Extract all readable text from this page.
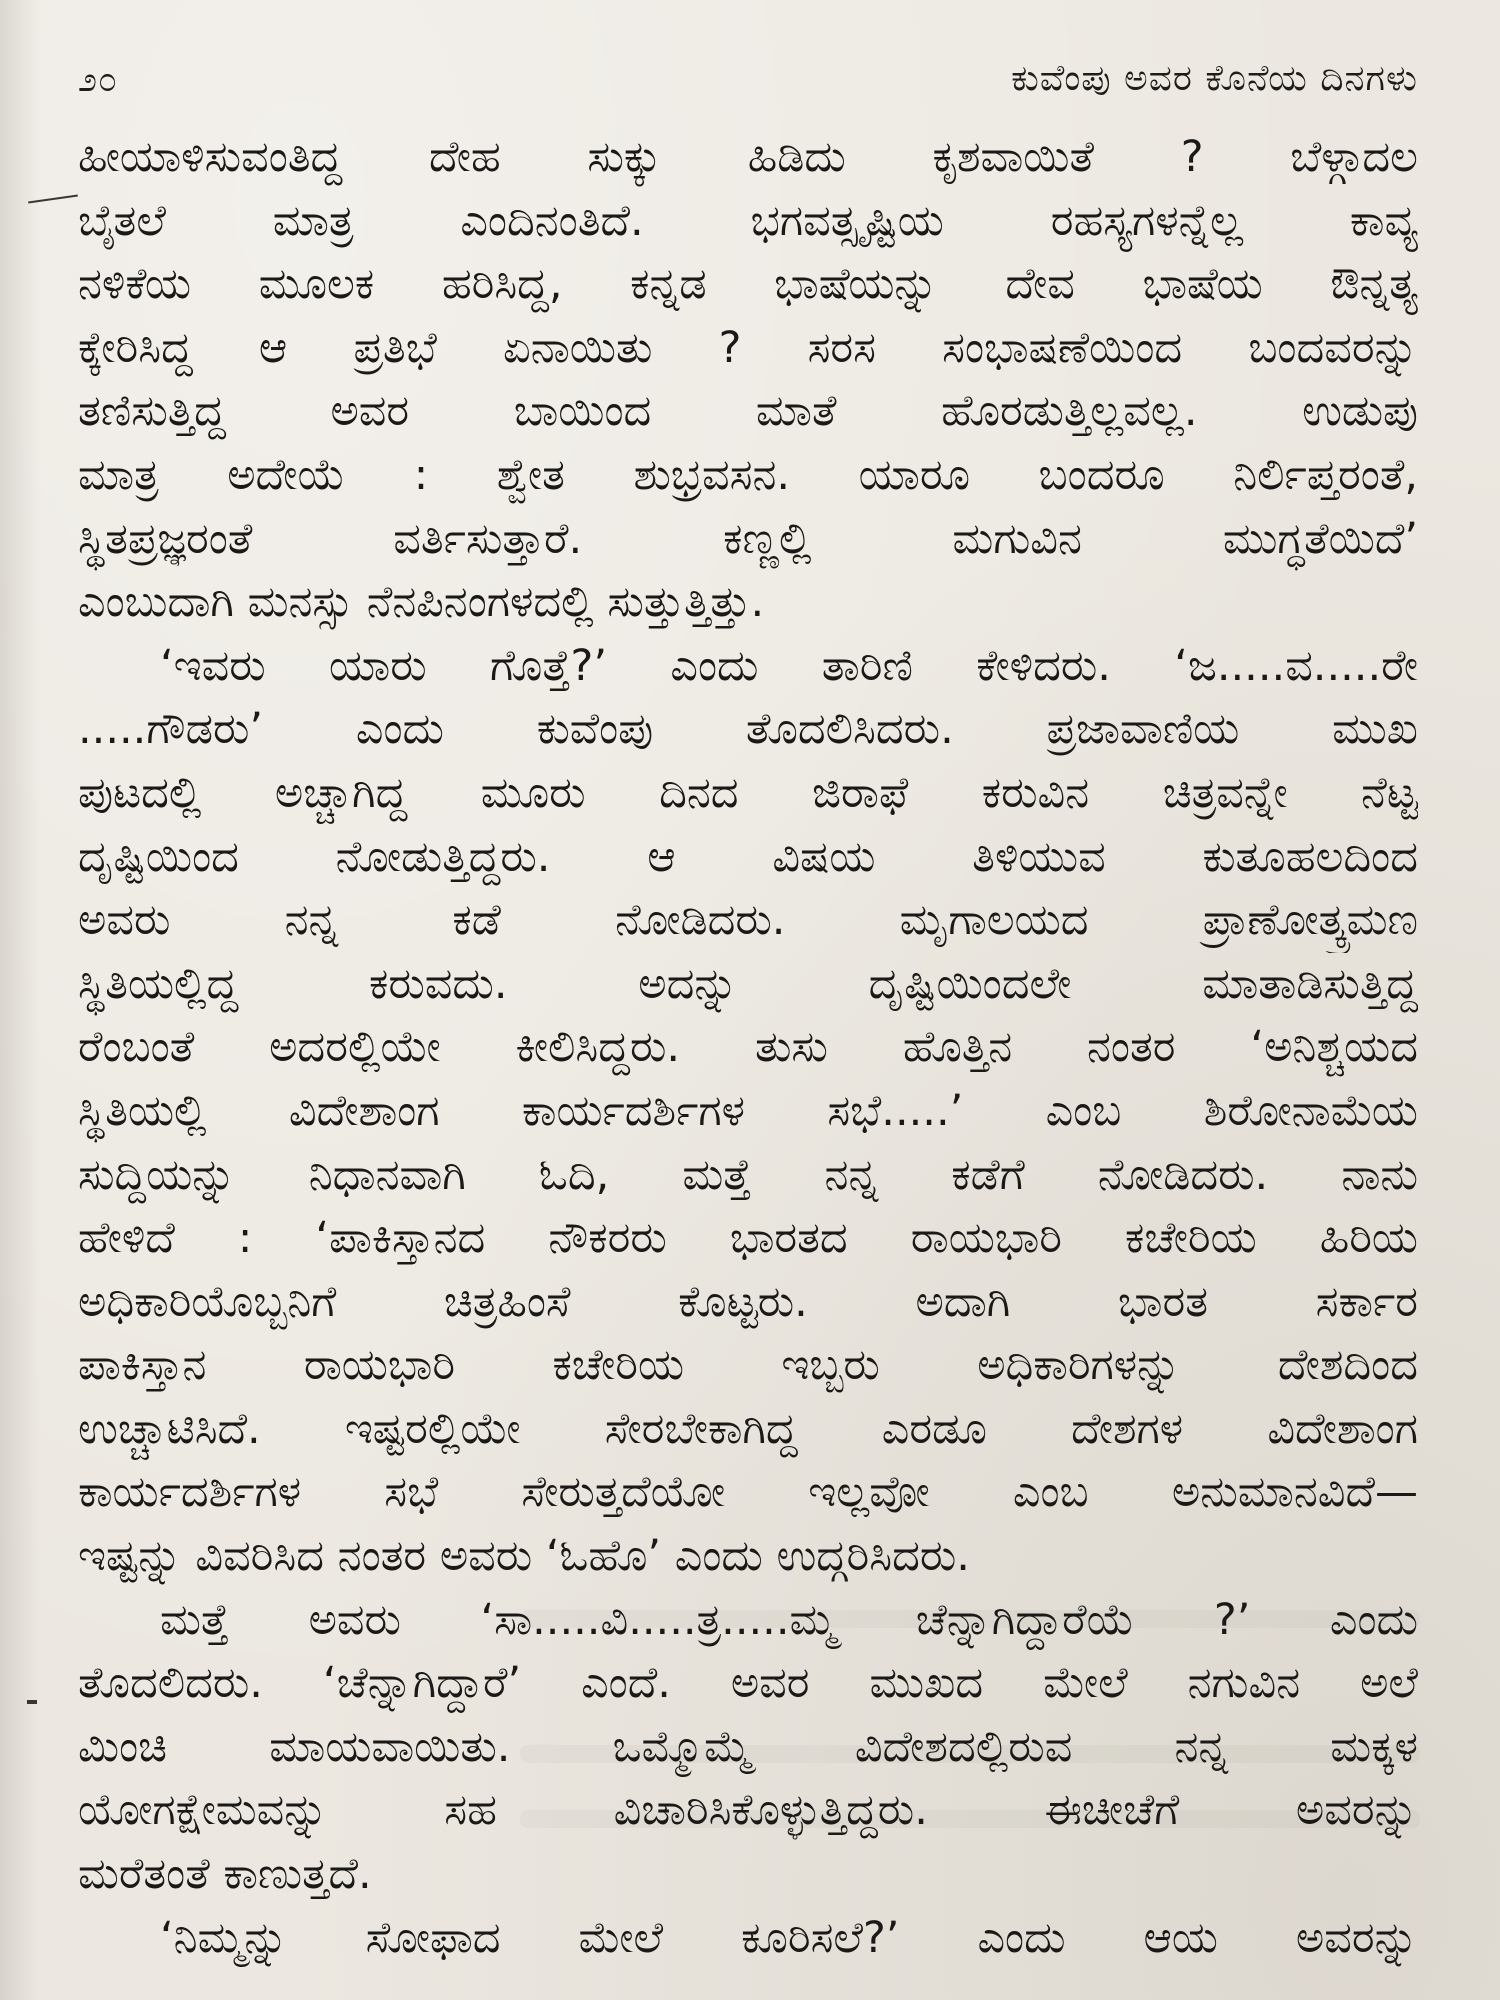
೨೦	ಕುವೆಂಪು ಅವರ ಕೊನೆಯ ದಿನಗಳು
ಹೀಯಾಳಿಸುವಂತಿದ್ದ ದೇಹ ಸುಕ್ಕು ಹಿಡಿದು ಕೃಶವಾಯಿತೆ ? ಬೆಳ್ಗಾದಲ
ಬೈತಲೆ ಮಾತ್ರ ಎಂದಿನಂತಿದೆ. ಭಗವತ್ಸೃಷ್ಟಿಯ ರಹಸ್ಯಗಳನ್ನೆಲ್ಲ ಕಾವ್ಯ
ನಳಿಕೆಯ ಮೂಲಕ ಹರಿಸಿದ್ದ, ಕನ್ನಡ ಭಾಷೆಯನ್ನು ದೇವ ಭಾಷೆಯ ಔನ್ನತ್ಯ
ಕ್ಕೇರಿಸಿದ್ದ ಆ ಪ್ರತಿಭೆ ಏನಾಯಿತು ? ಸರಸ ಸಂಭಾಷಣೆಯಿಂದ ಬಂದವರನ್ನು
ತಣಿಸುತ್ತಿದ್ದ ಅವರ ಬಾಯಿಂದ ಮಾತೆ ಹೊರಡುತ್ತಿಲ್ಲವಲ್ಲ. ಉಡುಪು
ಮಾತ್ರ ಅದೇಯೆ : ಶ್ವೇತ ಶುಭ್ರವಸನ. ಯಾರೂ ಬಂದರೂ ನಿರ್ಲಿಪ್ತರಂತೆ,
ಸ್ಥಿತಪ್ರಜ್ಞರಂತೆ ವರ್ತಿಸುತ್ತಾರೆ. ಕಣ್ಣಲ್ಲಿ ಮಗುವಿನ ಮುಗ್ಧತೆಯಿದೆ’
ಎಂಬುದಾಗಿ ಮನಸ್ಸು ನೆನಪಿನಂಗಳದಲ್ಲಿ ಸುತ್ತುತ್ತಿತ್ತು.
‘ಇವರು ಯಾರು ಗೊತ್ತೆ?’ ಎಂದು ತಾರಿಣಿ ಕೇಳಿದರು. ‘ಜ.....ವ.....ರೇ
.....ಗೌಡರು’ ಎಂದು ಕುವೆಂಪು ತೊದಲಿಸಿದರು. ಪ್ರಜಾವಾಣಿಯ ಮುಖ
ಪುಟದಲ್ಲಿ ಅಚ್ಚಾಗಿದ್ದ ಮೂರು ದಿನದ ಜಿರಾಫೆ ಕರುವಿನ ಚಿತ್ರವನ್ನೇ ನೆಟ್ಟ
ದೃಷ್ಟಿಯಿಂದ ನೋಡುತ್ತಿದ್ದರು. ಆ ವಿಷಯ ತಿಳಿಯುವ ಕುತೂಹಲದಿಂದ
ಅವರು ನನ್ನ ಕಡೆ ನೋಡಿದರು. ಮೃಗಾಲಯದ ಪ್ರಾಣೋತ್ಕ್ರಮಣ
ಸ್ಥಿತಿಯಲ್ಲಿದ್ದ ಕರುವದು. ಅದನ್ನು ದೃಷ್ಟಿಯಿಂದಲೇ ಮಾತಾಡಿಸುತ್ತಿದ್ದ
ರೆಂಬಂತೆ ಅದರಲ್ಲಿಯೇ ಕೀಲಿಸಿದ್ದರು. ತುಸು ಹೊತ್ತಿನ ನಂತರ ‘ಅನಿಶ್ಚಯದ
ಸ್ಥಿತಿಯಲ್ಲಿ ವಿದೇಶಾಂಗ ಕಾರ್ಯದರ್ಶಿಗಳ ಸಭೆ.....’ ಎಂಬ ಶಿರೋನಾಮೆಯ
ಸುದ್ದಿಯನ್ನು ನಿಧಾನವಾಗಿ ಓದಿ, ಮತ್ತೆ ನನ್ನ ಕಡೆಗೆ ನೋಡಿದರು. ನಾನು
ಹೇಳಿದೆ : ‘ಪಾಕಿಸ್ತಾನದ ನೌಕರರು ಭಾರತದ ರಾಯಭಾರಿ ಕಚೇರಿಯ ಹಿರಿಯ
ಅಧಿಕಾರಿಯೊಬ್ಬನಿಗೆ ಚಿತ್ರಹಿಂಸೆ ಕೊಟ್ಟರು. ಅದಾಗಿ ಭಾರತ ಸರ್ಕಾರ
ಪಾಕಿಸ್ತಾನ ರಾಯಭಾರಿ ಕಚೇರಿಯ ಇಬ್ಬರು ಅಧಿಕಾರಿಗಳನ್ನು ದೇಶದಿಂದ
ಉಚ್ಚಾಟಿಸಿದೆ. ಇಷ್ಟರಲ್ಲಿಯೇ ಸೇರಬೇಕಾಗಿದ್ದ ಎರಡೂ ದೇಶಗಳ ವಿದೇಶಾಂಗ
ಕಾರ್ಯದರ್ಶಿಗಳ ಸಭೆ ಸೇರುತ್ತದೆಯೋ ಇಲ್ಲವೋ ಎಂಬ ಅನುಮಾನವಿದೆ—
ಇಷ್ಟನ್ನು ವಿವರಿಸಿದ ನಂತರ ಅವರು ‘ಓಹೊ’ ಎಂದು ಉದ್ಗರಿಸಿದರು.
ಮತ್ತೆ ಅವರು ‘ಸಾ.....ವಿ.....ತ್ರ.....ಮ್ಮ ಚೆನ್ನಾಗಿದ್ದಾರೆಯೆ ?’ ಎಂದು
ತೊದಲಿದರು. ‘ಚೆನ್ನಾಗಿದ್ದಾರೆ’ ಎಂದೆ. ಅವರ ಮುಖದ ಮೇಲೆ ನಗುವಿನ ಅಲೆ
ಮಿಂಚಿ ಮಾಯವಾಯಿತು. ಒಮ್ಮೊಮ್ಮೆ ವಿದೇಶದಲ್ಲಿರುವ ನನ್ನ ಮಕ್ಕಳ
ಯೋಗಕ್ಷೇಮವನ್ನು ಸಹ ವಿಚಾರಿಸಿಕೊಳ್ಳುತ್ತಿದ್ದರು. ಈಚೀಚೆಗೆ ಅವರನ್ನು
ಮರೆತಂತೆ ಕಾಣುತ್ತದೆ.
‘ನಿಮ್ಮನ್ನು ಸೋಫಾದ ಮೇಲೆ ಕೂರಿಸಲೆ?’ ಎಂದು ಆಯ ಅವರನ್ನು
